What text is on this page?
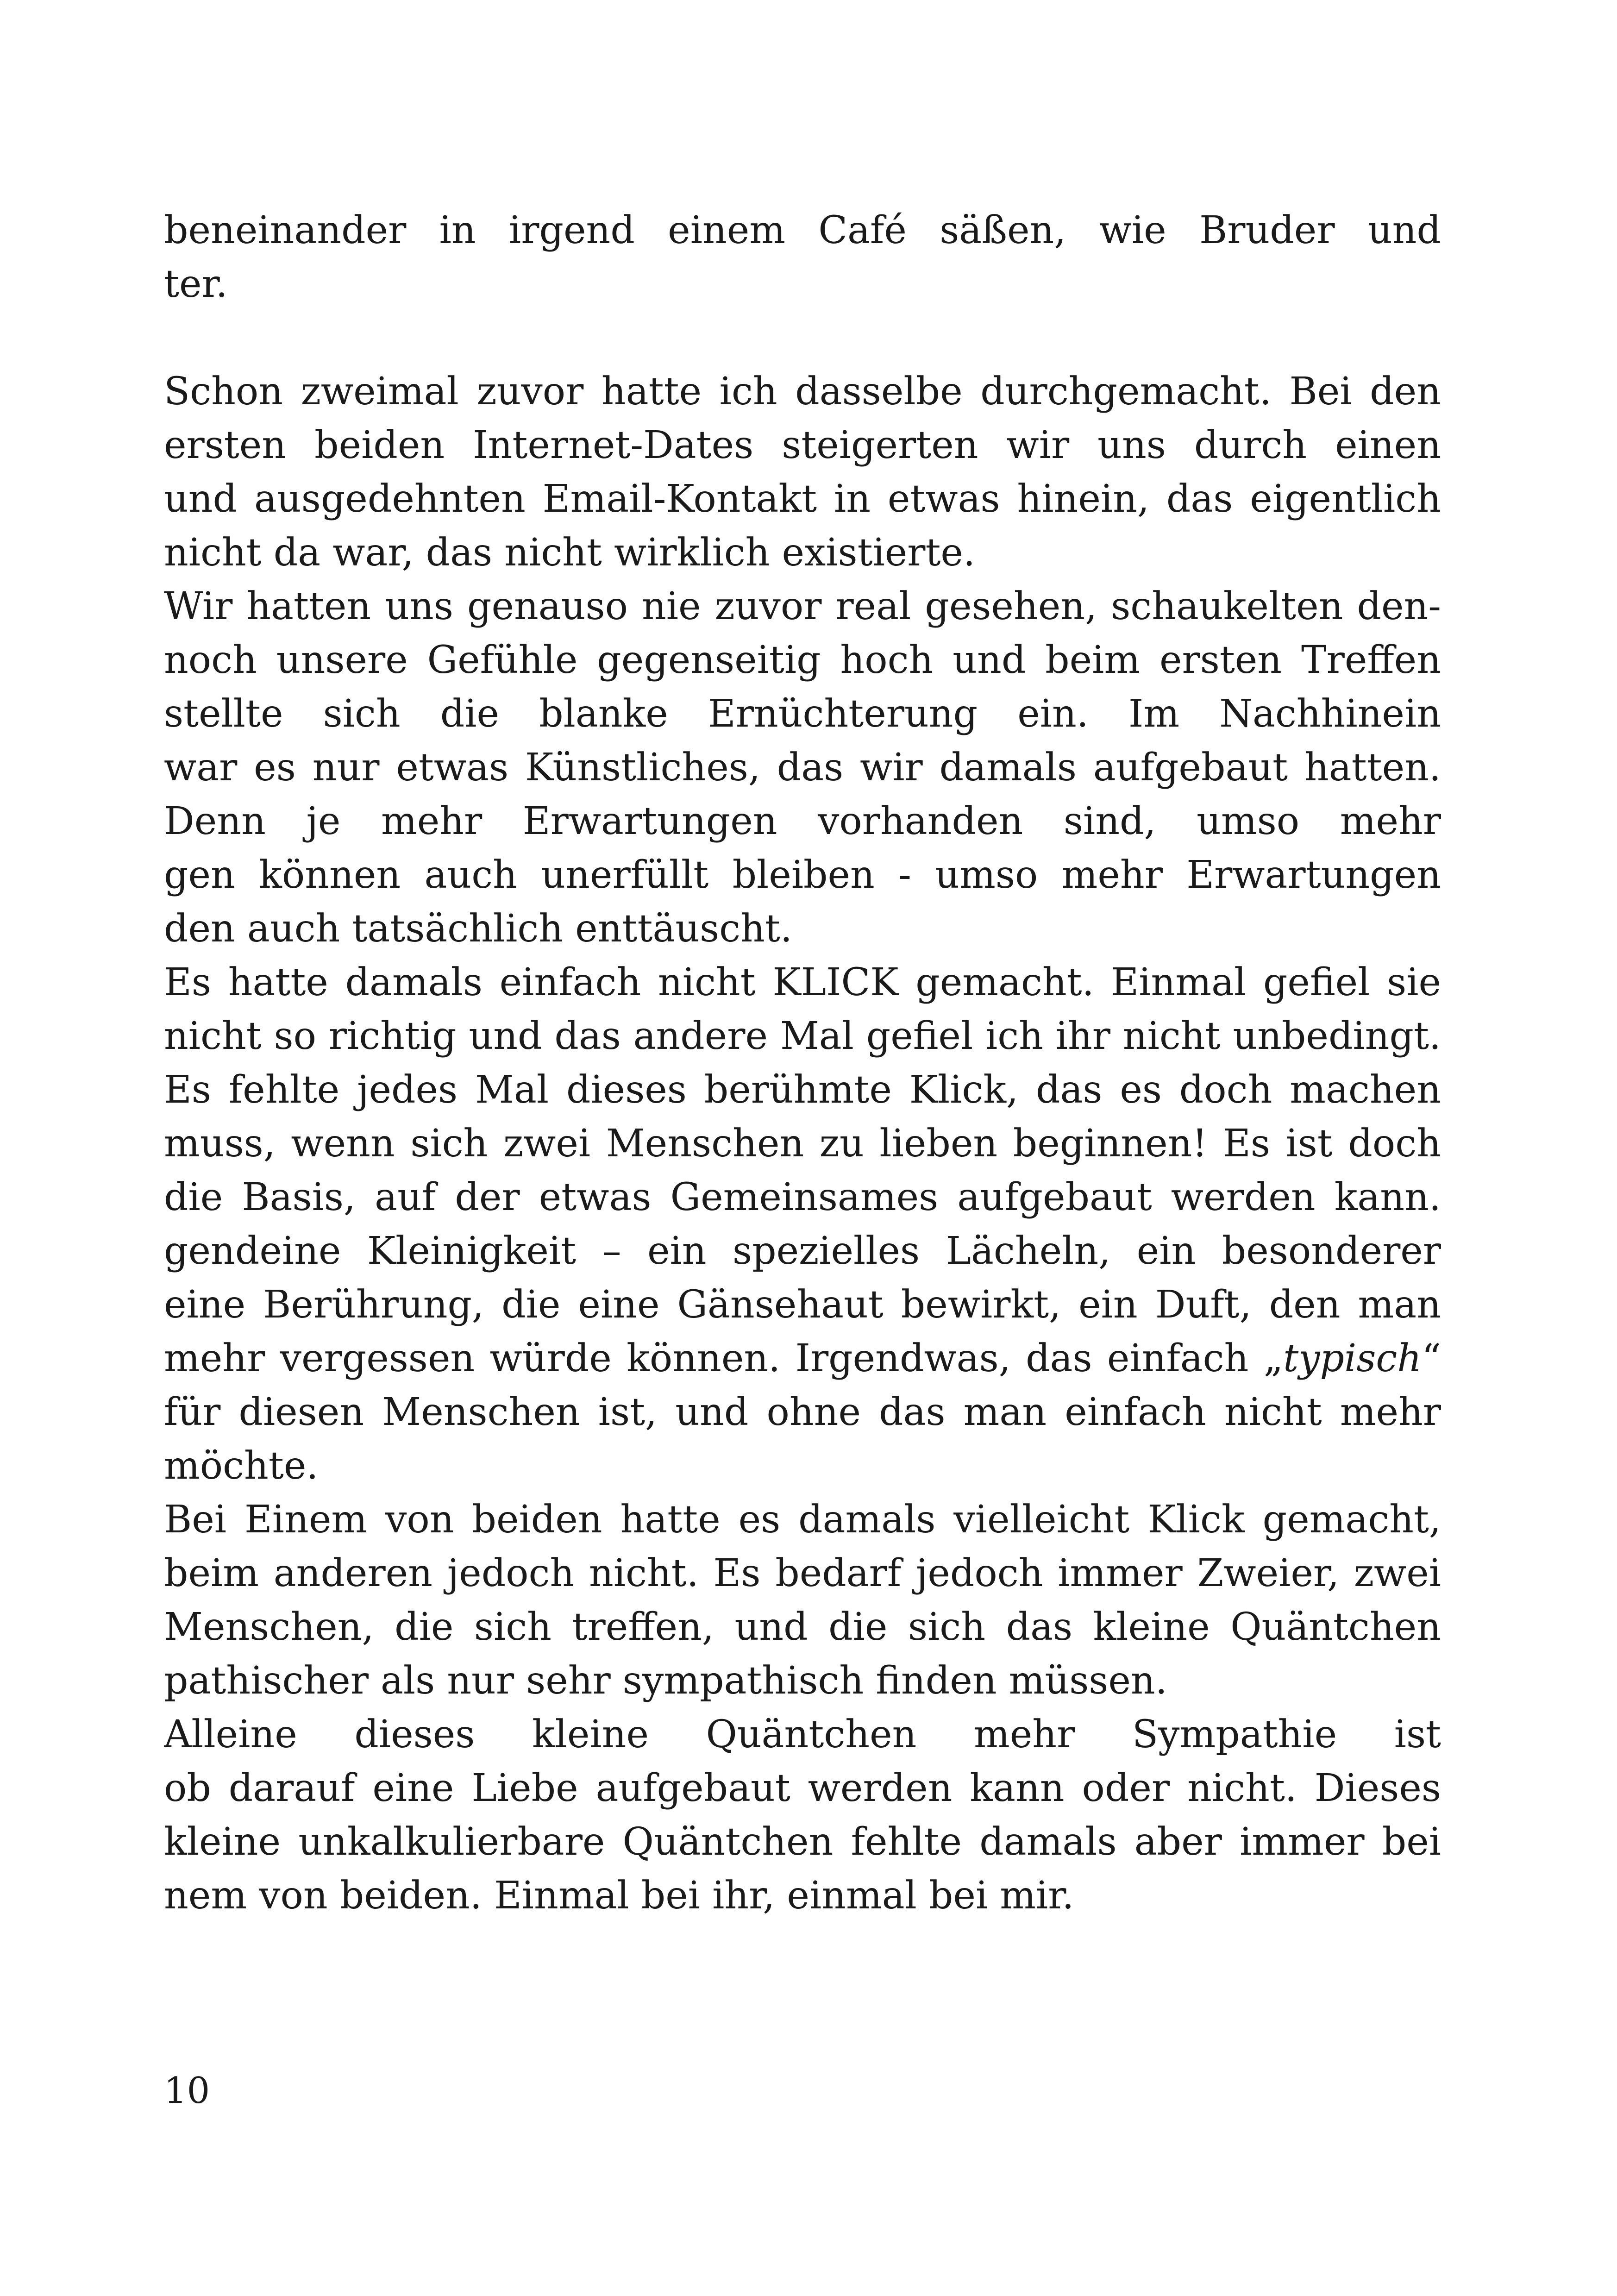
beneinander in irgend einem Café säßen, wie Bruder und
ter.
Schon zweimal zuvor hatte ich dasselbe durchgemacht. Bei den
ersten beiden Internet-Dates steigerten wir uns durch einen
und ausgedehnten Email-Kontakt in etwas hinein, das eigentlich
nicht da war, das nicht wirklich existierte.
Wir hatten uns genauso nie zuvor real gesehen, schaukelten den-
noch unsere Gefühle gegenseitig hoch und beim ersten Treffen
stellte sich die blanke Ernüchterung ein. Im Nachhinein
war es nur etwas Künstliches, das wir damals aufgebaut hatten.
Denn je mehr Erwartungen vorhanden sind, umso mehr
gen können auch unerfüllt bleiben - umso mehr Erwartungen
den auch tatsächlich enttäuscht.
Es hatte damals einfach nicht KLICK gemacht. Einmal gefiel sie
nicht so richtig und das andere Mal gefiel ich ihr nicht unbedingt.
Es fehlte jedes Mal dieses berühmte Klick, das es doch machen
muss, wenn sich zwei Menschen zu lieben beginnen! Es ist doch
die Basis, auf der etwas Gemeinsames aufgebaut werden kann.
gendeine Kleinigkeit – ein spezielles Lächeln, ein besonderer
eine Berührung, die eine Gänsehaut bewirkt, ein Duft, den man
mehr vergessen würde können. Irgendwas, das einfach „typisch“
für diesen Menschen ist, und ohne das man einfach nicht mehr
möchte.
Bei Einem von beiden hatte es damals vielleicht Klick gemacht,
beim anderen jedoch nicht. Es bedarf jedoch immer Zweier, zwei
Menschen, die sich treffen, und die sich das kleine Quäntchen
pathischer als nur sehr sympathisch finden müssen.
Alleine dieses kleine Quäntchen mehr Sympathie ist
ob darauf eine Liebe aufgebaut werden kann oder nicht. Dieses
kleine unkalkulierbare Quäntchen fehlte damals aber immer bei
nem von beiden. Einmal bei ihr, einmal bei mir.
10
